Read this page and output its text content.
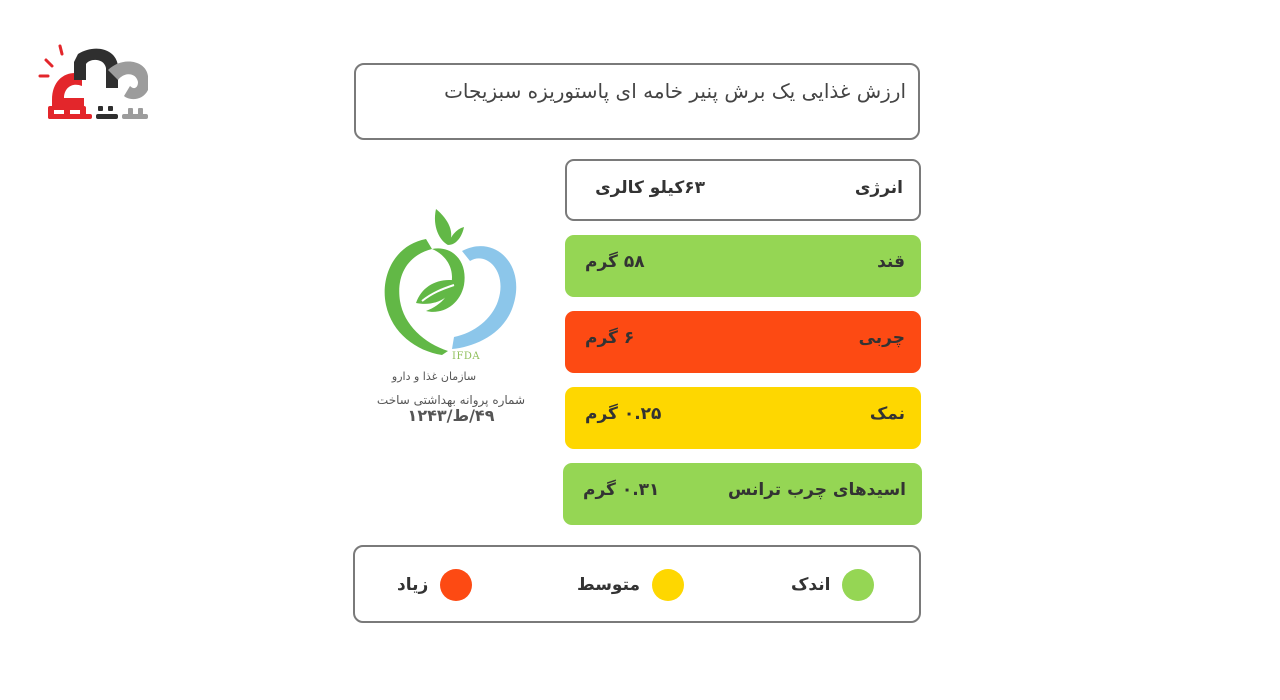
ارزش غذایی یک برش پنیر خامه ای پاستوریزه سبزیجات
انرژی
۶۳کیلو کالری
قند
۵۸ گرم
چربی
۶ گرم
نمک
۰.۲۵ گرم
اسیدهای چرب ترانس
۰.۳۱ گرم
IFDA
سازمان غذا و دارو
شماره پروانه بهداشتی ساخت
۴۹/ط/۱۲۴۳
اندک
متوسط
زیاد
